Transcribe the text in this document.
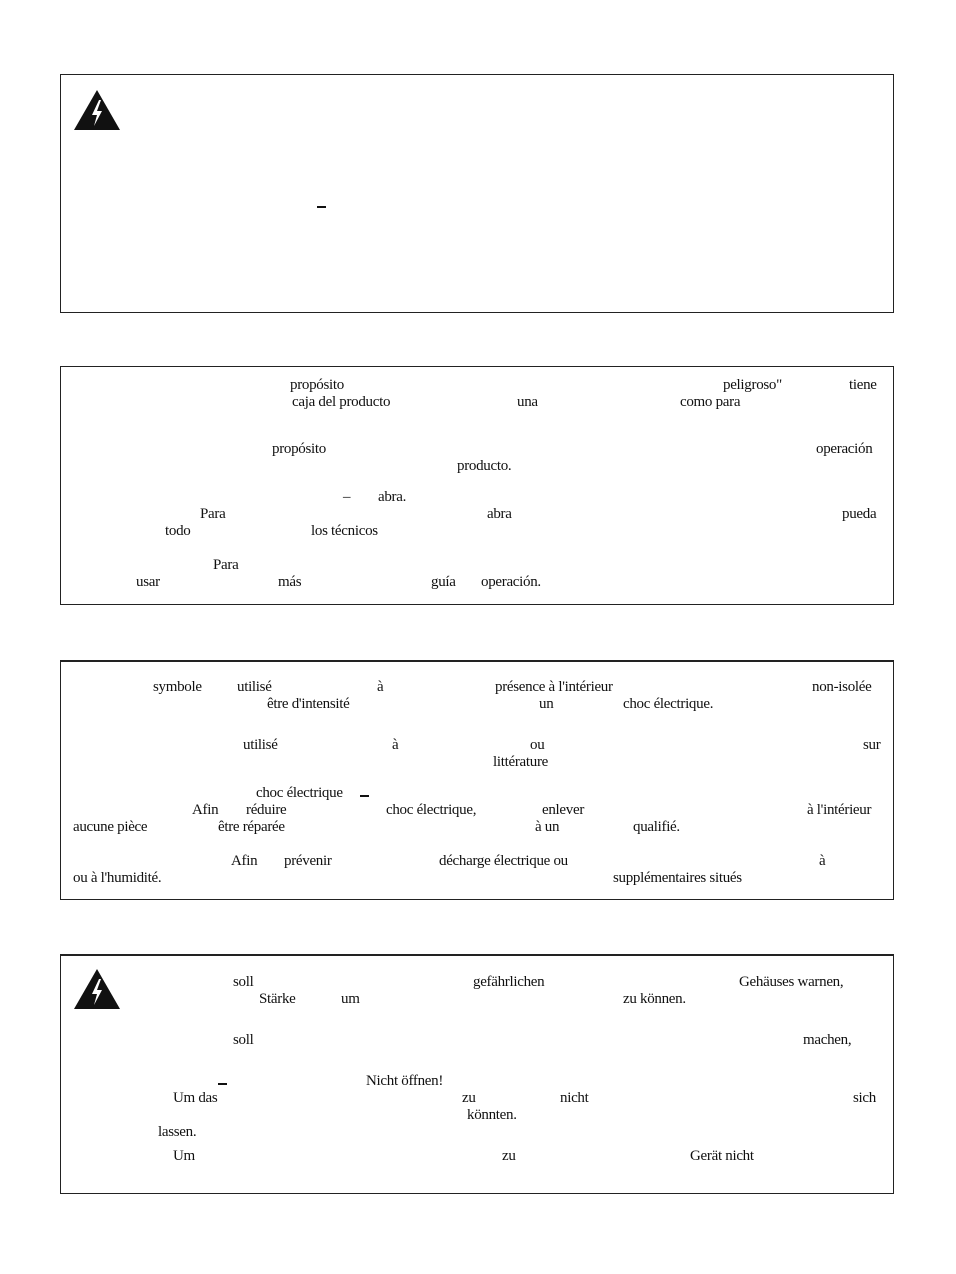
propósito	peligroso"	tiene
caja del producto	una	como para
propósito	operación
producto.
– abra.
Para	abra	pueda
todo	los técnicos
Para
usar	más	guía operación.
symbole utilisé	à	présence à l'intérieur	non-isolée
être d'intensité	un	choc électrique.
utilisé	à	ou	sur
littérature
choc électrique
Afin réduire	choc électrique,	enlever	à l'intérieur
aucune pièce	être réparée	à un	qualifié.
Afin prévenir	décharge électrique ou	à
ou à l'humidité.	supplémentaires situés
soll	gefährlichen	Gehäuses warnen,
Stärke	um	zu können.
soll	machen,
Nicht öffnen!
Um das	zu	nicht	sich
könnten.
lassen.
Um	zu	Gerät nicht
